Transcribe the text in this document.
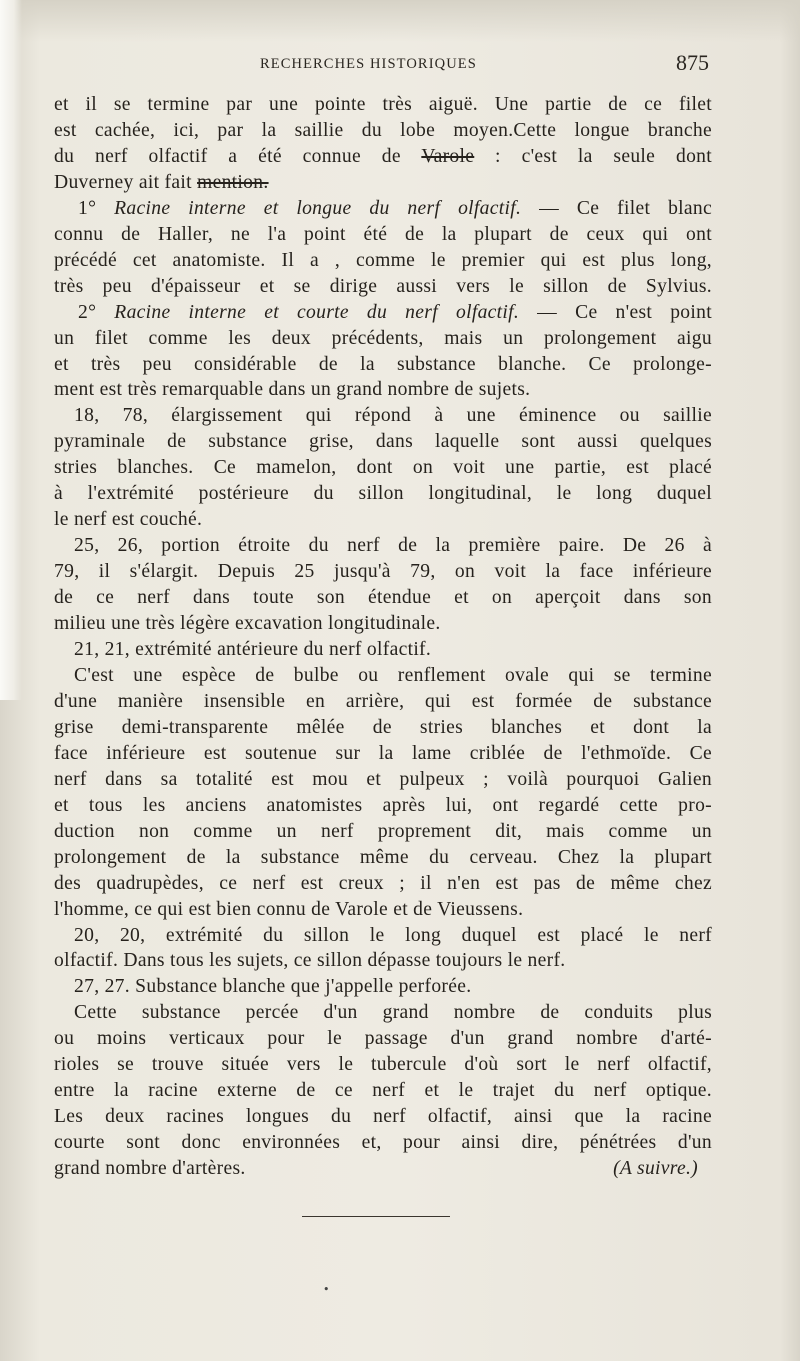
RECHERCHES HISTORIQUES	875
et il se termine par une pointe très aiguë. Une partie de ce filet
est cachée, ici, par la saillie du lobe moyen.Cette longue branche
du nerf olfactif a été connue de Varole : c'est la seule dont
Duverney ait fait mention.
1° Racine interne et longue du nerf olfactif. — Ce filet blanc
connu de Haller, ne l'a point été de la plupart de ceux qui ont
précédé cet anatomiste. Il a , comme le premier qui est plus long,
très peu d'épaisseur et se dirige aussi vers le sillon de Sylvius.
2° Racine interne et courte du nerf olfactif. — Ce n'est point
un filet comme les deux précédents, mais un prolongement aigu
et très peu considérable de la substance blanche. Ce prolonge-
ment est très remarquable dans un grand nombre de sujets.
18, 78, élargissement qui répond à une éminence ou saillie
pyraminale de substance grise, dans laquelle sont aussi quelques
stries blanches. Ce mamelon, dont on voit une partie, est placé
à l'extrémité postérieure du sillon longitudinal, le long duquel
le nerf est couché.
25, 26, portion étroite du nerf de la première paire. De 26 à
79, il s'élargit. Depuis 25 jusqu'à 79, on voit la face inférieure
de ce nerf dans toute son étendue et on aperçoit dans son
milieu une très légère excavation longitudinale.
21, 21, extrémité antérieure du nerf olfactif.
C'est une espèce de bulbe ou renflement ovale qui se termine
d'une manière insensible en arrière, qui est formée de substance
grise demi-transparente mêlée de stries blanches et dont la
face inférieure est soutenue sur la lame criblée de l'ethmoïde. Ce
nerf dans sa totalité est mou et pulpeux ; voilà pourquoi Galien
et tous les anciens anatomistes après lui, ont regardé cette pro-
duction non comme un nerf proprement dit, mais comme un
prolongement de la substance même du cerveau. Chez la plupart
des quadrupèdes, ce nerf est creux ; il n'en est pas de même chez
l'homme, ce qui est bien connu de Varole et de Vieussens.
20, 20, extrémité du sillon le long duquel est placé le nerf
olfactif. Dans tous les sujets, ce sillon dépasse toujours le nerf.
27, 27. Substance blanche que j'appelle perforée.
Cette substance percée d'un grand nombre de conduits plus
ou moins verticaux pour le passage d'un grand nombre d'arté-
rioles se trouve située vers le tubercule d'où sort le nerf olfactif,
entre la racine externe de ce nerf et le trajet du nerf optique.
Les deux racines longues du nerf olfactif, ainsi que la racine
courte sont donc environnées et, pour ainsi dire, pénétrées d'un
grand nombre d'artères.	(A suivre.)
•
